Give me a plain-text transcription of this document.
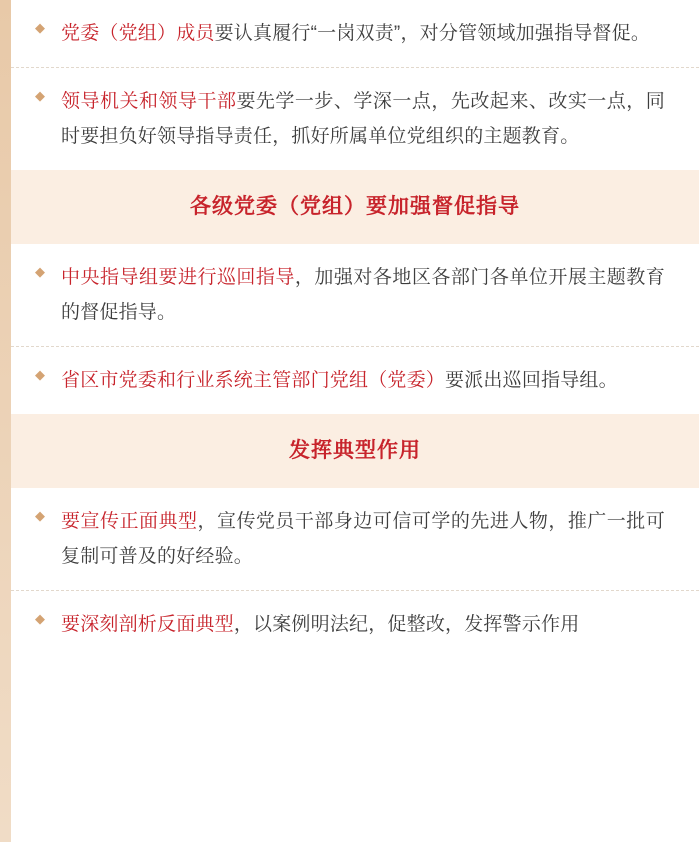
◆ 党委（党组）成员要认真履行“一岗双责”，对分管领域加强指导督促。
◆ 领导机关和领导干部要先学一步、学深一点，先改起来、改实一点，同时要担负好领导指导责任，抓好所属单位党组织的主题教育。
各级党委（党组）要加强督促指导
◆ 中央指导组要进行巡回指导，加强对各地区各部门各单位开展主题教育的督促指导。
◆ 省区市党委和行业系统主管部门党组（党委）要派出巡回指导组。
发挥典型作用
◆ 要宣传正面典型，宣传党员干部身边可信可学的先进人物，推广一批可复制可普及的好经验。
◆ 要深刻剖析反面典型，以案例明法纪，促整改，发挥警示作用
